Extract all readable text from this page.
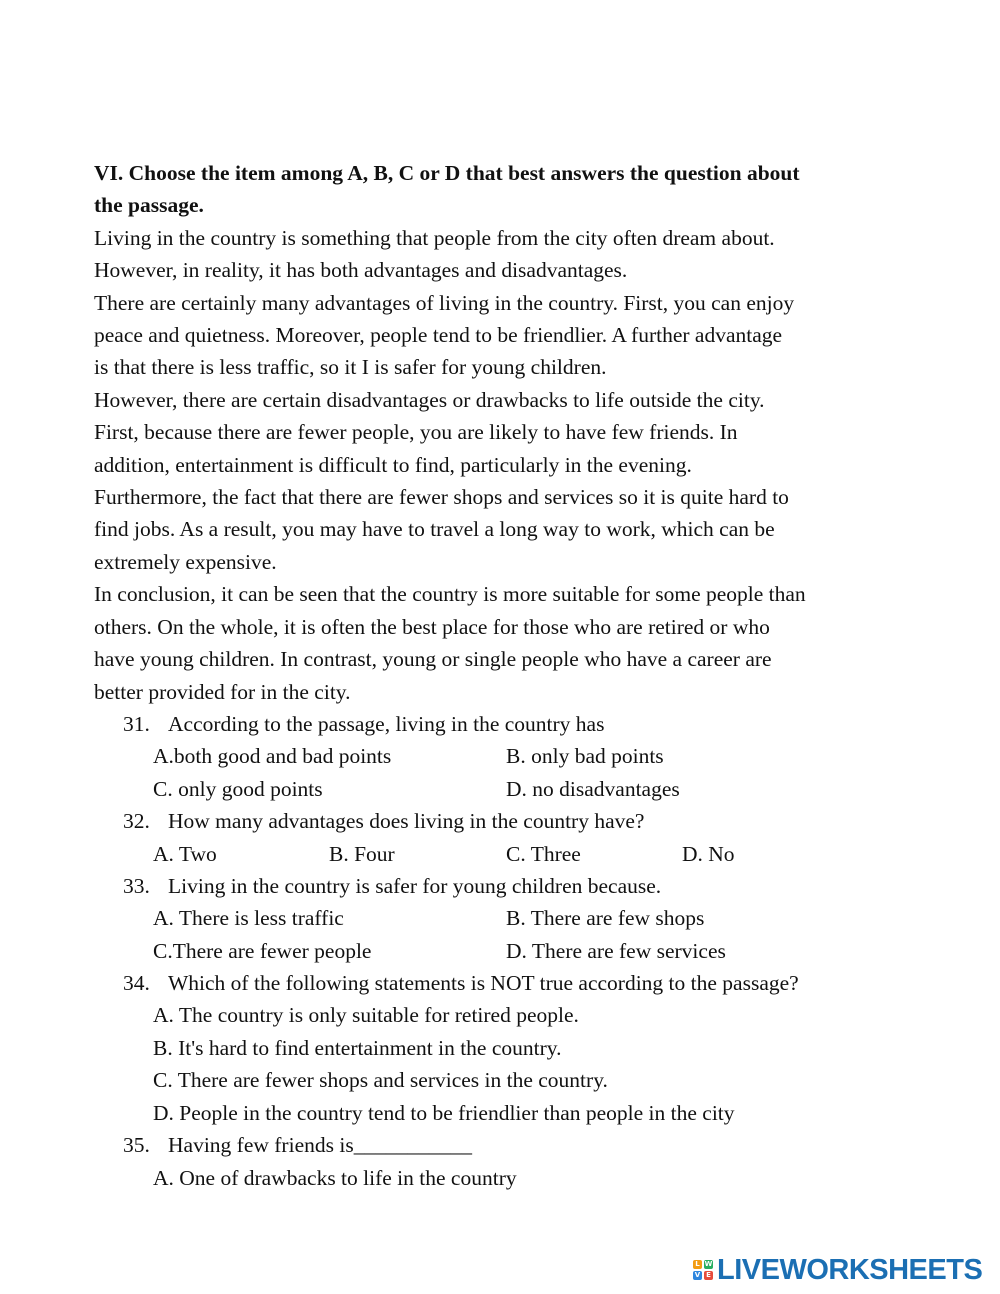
VI. Choose the item among A, B, C or D that best answers the question about
the passage.
Living in the country is something that people from the city often dream about.
However, in reality, it has both advantages and disadvantages.
There are certainly many advantages of living in the country. First, you can enjoy
peace and quietness. Moreover, people tend to be friendlier. A further advantage
is that there is less traffic, so it I is safer for young children.
However, there are certain disadvantages or drawbacks to life outside the city.
First, because there are fewer people, you are likely to have few friends. In
addition, entertainment is difficult to find, particularly in the evening.
Furthermore, the fact that there are fewer shops and services so it is quite hard to
find jobs. As a result, you may have to travel a long way to work, which can be
extremely expensive.
In conclusion, it can be seen that the country is more suitable for some people than
others. On the whole, it is often the best place for those who are retired or who
have young children. In contrast, young or single people who have a career are
better provided for in the city.
31. According to the passage, living in the country has
A.both good and bad points	B. only bad points
C. only good points	D. no disadvantages
32. How many advantages does living in the country have?
A. Two	B. Four	C. Three	D. No
33. Living in the country is safer for young children because.
A. There is less traffic	B. There are few shops
C.There are fewer people	D. There are few services
34. Which of the following statements is NOT true according to the passage?
A. The country is only suitable for retired people.
B. It's hard to find entertainment in the country.
C. There are fewer shops and services in the country.
D. People in the country tend to be friendlier than people in the city
35. Having few friends is___________
A. One of drawbacks to life in the country
L W
V E LIVEWORKSHEETS
